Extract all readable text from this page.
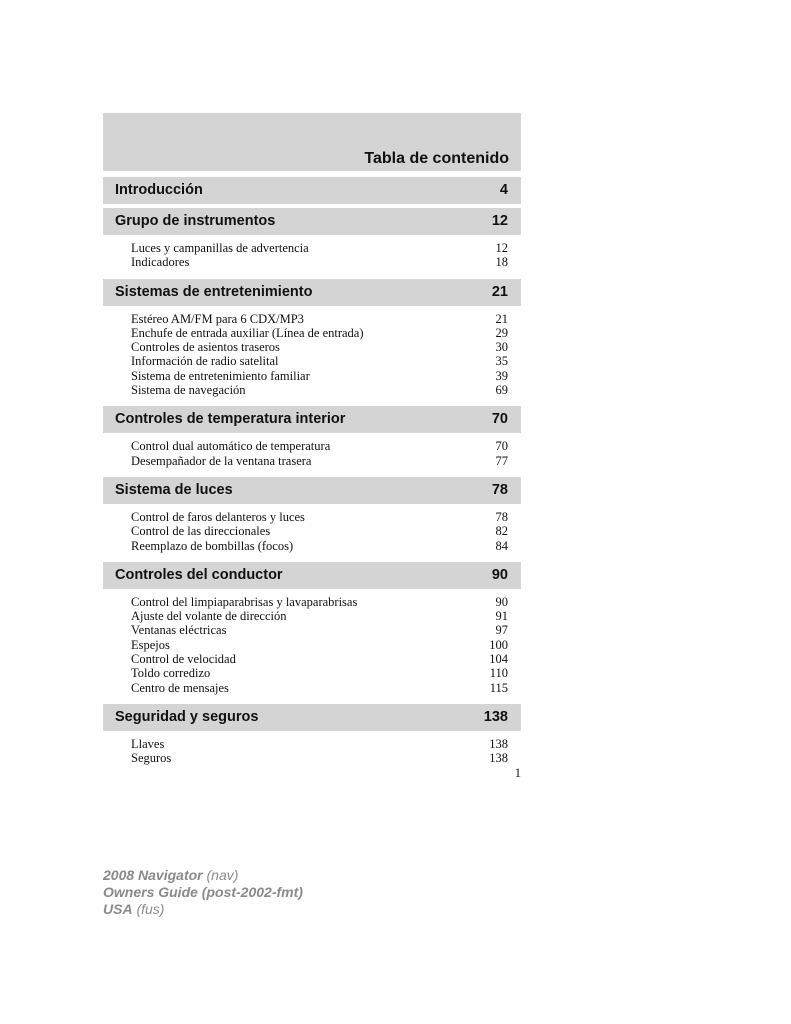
Tabla de contenido
Introducción	4
Grupo de instrumentos	12
Luces y campanillas de advertencia	12
Indicadores	18
Sistemas de entretenimiento	21
Estéreo AM/FM para 6 CDX/MP3	21
Enchufe de entrada auxiliar (Línea de entrada)	29
Controles de asientos traseros	30
Información de radio satelital	35
Sistema de entretenimiento familiar	39
Sistema de navegación	69
Controles de temperatura interior	70
Control dual automático de temperatura	70
Desempañador de la ventana trasera	77
Sistema de luces	78
Control de faros delanteros y luces	78
Control de las direccionales	82
Reemplazo de bombillas (focos)	84
Controles del conductor	90
Control del limpiaparabrisas y lavaparabrisas	90
Ajuste del volante de dirección	91
Ventanas eléctricas	97
Espejos	100
Control de velocidad	104
Toldo corredizo	110
Centro de mensajes	115
Seguridad y seguros	138
Llaves	138
Seguros	138
1
2008 Navigator (nav)
Owners Guide (post-2002-fmt)
USA (fus)
